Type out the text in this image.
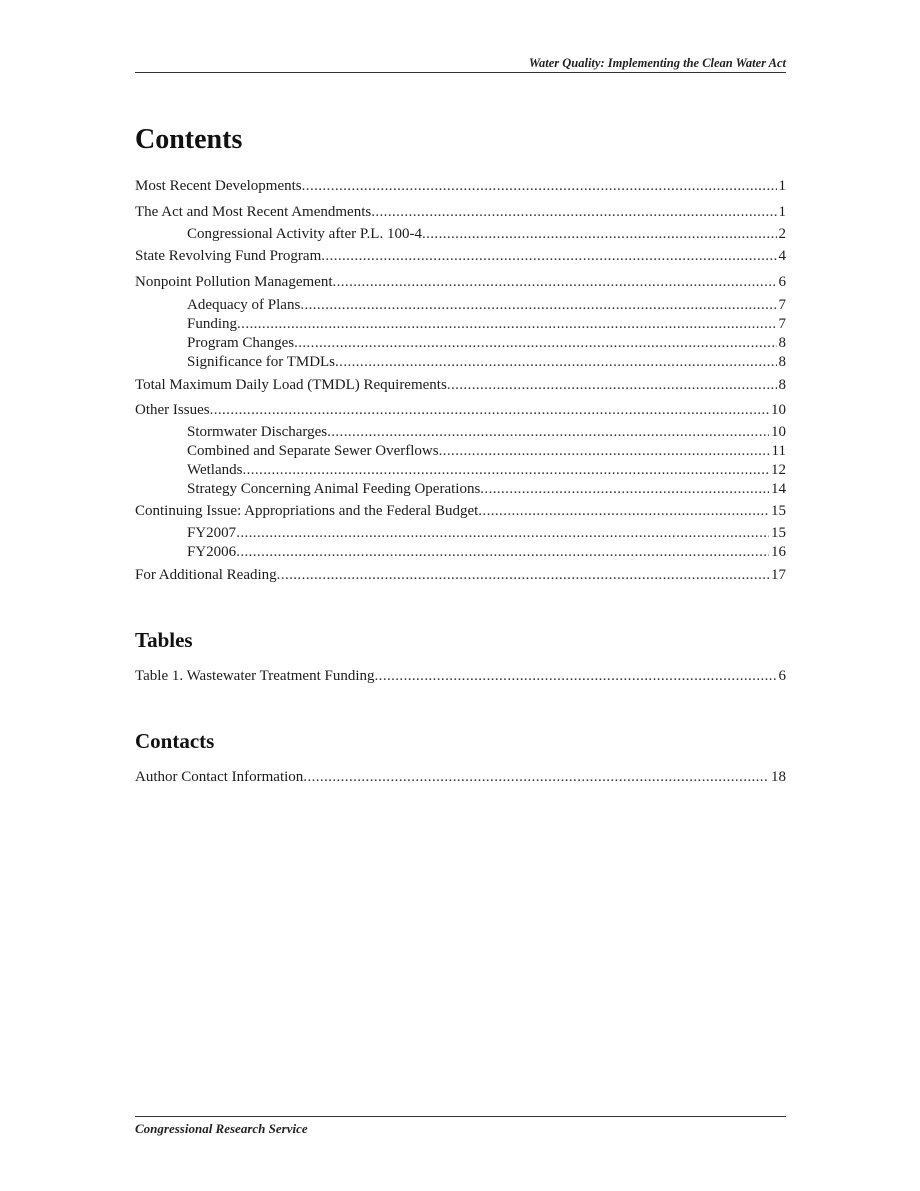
Water Quality: Implementing the Clean Water Act
Contents
Most Recent Developments .....	1
The Act and Most Recent Amendments .....	1
Congressional Activity after P.L. 100-4 .....	2
State Revolving Fund Program .....	4
Nonpoint Pollution Management .....	6
Adequacy of Plans .....	7
Funding .....	7
Program Changes .....	8
Significance for TMDLs .....	8
Total Maximum Daily Load (TMDL) Requirements .....	8
Other Issues .....	10
Stormwater Discharges .....	10
Combined and Separate Sewer Overflows .....	11
Wetlands .....	12
Strategy Concerning Animal Feeding Operations .....	14
Continuing Issue: Appropriations and the Federal Budget .....	15
FY2007 .....	15
FY2006 .....	16
For Additional Reading .....	17
Tables
Table 1. Wastewater Treatment Funding .....	6
Contacts
Author Contact Information .....	18
Congressional Research Service
